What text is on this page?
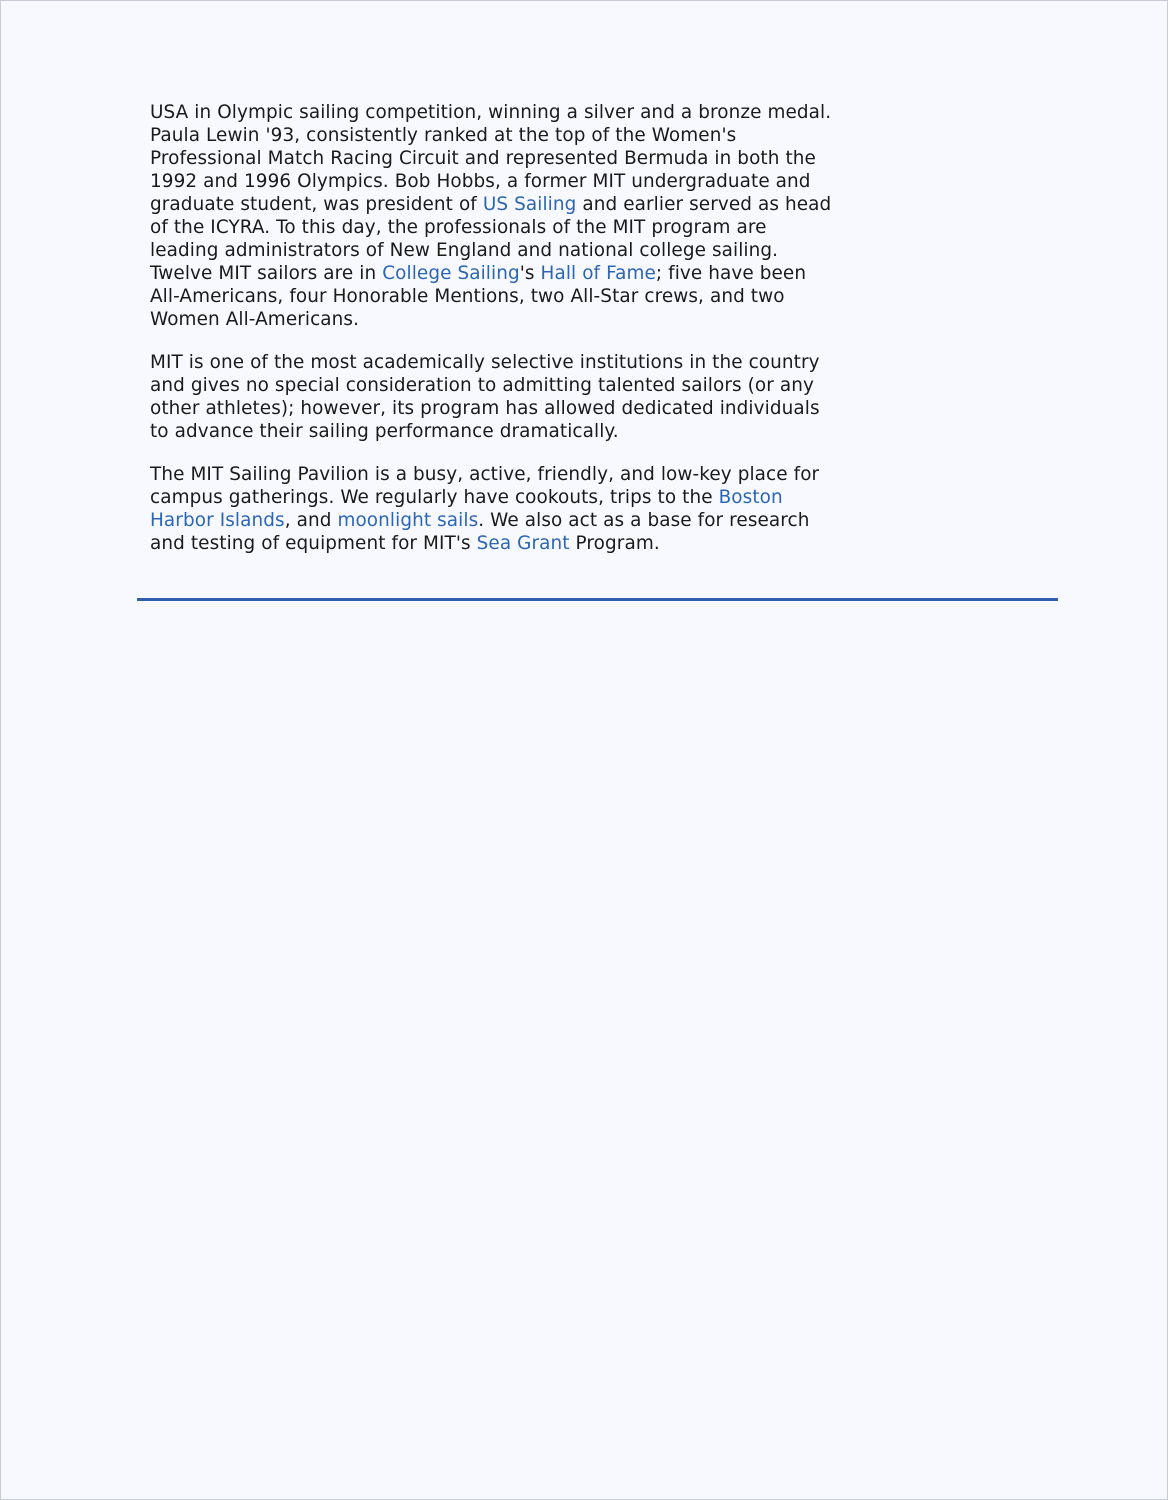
USA in Olympic sailing competition, winning a silver and a bronze medal.
Paula Lewin '93, consistently ranked at the top of the Women's
Professional Match Racing Circuit and represented Bermuda in both the
1992 and 1996 Olympics. Bob Hobbs, a former MIT undergraduate and
graduate student, was president of US Sailing and earlier served as head
of the ICYRA. To this day, the professionals of the MIT program are
leading administrators of New England and national college sailing.
Twelve MIT sailors are in College Sailing's Hall of Fame; five have been
All-Americans, four Honorable Mentions, two All-Star crews, and two
Women All-Americans.

MIT is one of the most academically selective institutions in the country
and gives no special consideration to admitting talented sailors (or any
other athletes); however, its program has allowed dedicated individuals
to advance their sailing performance dramatically.

The MIT Sailing Pavilion is a busy, active, friendly, and low-key place for
campus gatherings. We regularly have cookouts, trips to the Boston
Harbor Islands, and moonlight sails. We also act as a base for research
and testing of equipment for MIT's Sea Grant Program.
